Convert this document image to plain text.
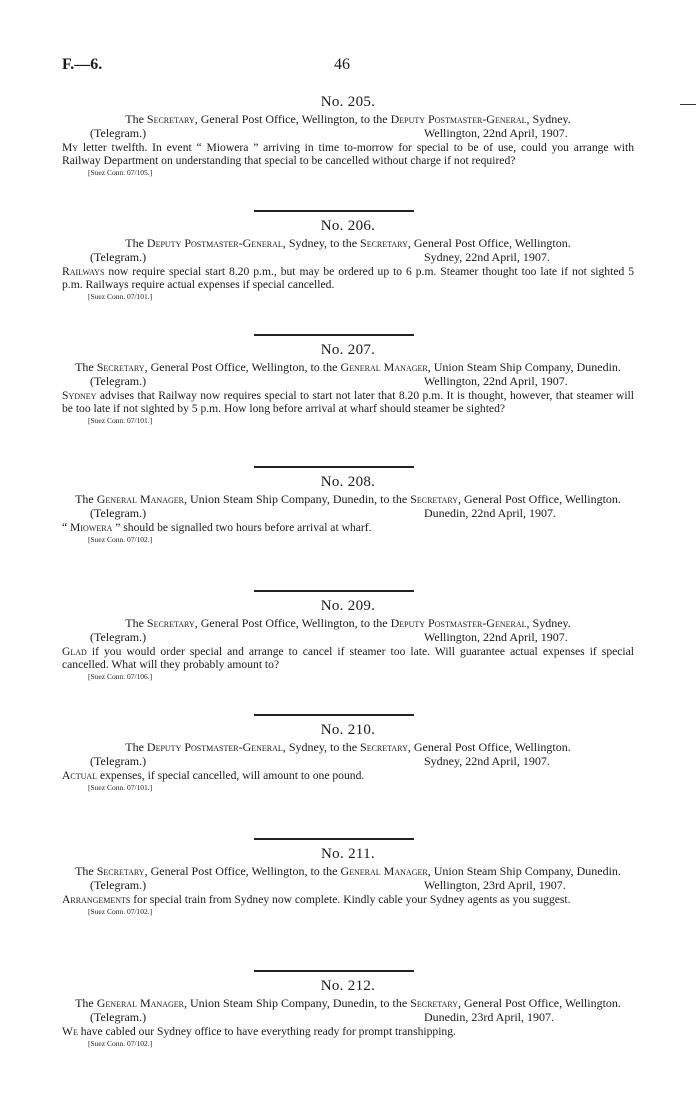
F.—6.	46
No. 205.
The Secretary, General Post Office, Wellington, to the Deputy Postmaster-General, Sydney.
(Telegram.)	Wellington, 22nd April, 1907.
My letter twelfth. In event “ Miowera ” arriving in time to-morrow for special to be of use, could you arrange with Railway Department on understanding that special to be cancelled without charge if not required?
[Suez Conn. 07/105.]
No. 206.
The Deputy Postmaster-General, Sydney, to the Secretary, General Post Office, Wellington.
(Telegram.)	Sydney, 22nd April, 1907.
Railways now require special start 8.20 p.m., but may be ordered up to 6 p.m. Steamer thought too late if not sighted 5 p.m. Railways require actual expenses if special cancelled.
[Suez Conn. 07/101.]
No. 207.
The Secretary, General Post Office, Wellington, to the General Manager, Union Steam Ship Company, Dunedin.
(Telegram.)	Wellington, 22nd April, 1907.
Sydney advises that Railway now requires special to start not later that 8.20 p.m. It is thought, however, that steamer will be too late if not sighted by 5 p.m. How long before arrival at wharf should steamer be sighted?
[Suez Conn. 07/101.]
No. 208.
The General Manager, Union Steam Ship Company, Dunedin, to the Secretary, General Post Office, Wellington.
(Telegram.)	Dunedin, 22nd April, 1907.
“ Miowera ” should be signalled two hours before arrival at wharf.
[Suez Conn. 07/102.]
No. 209.
The Secretary, General Post Office, Wellington, to the Deputy Postmaster-General, Sydney.
(Telegram.)	Wellington, 22nd April, 1907.
Glad if you would order special and arrange to cancel if steamer too late. Will guarantee actual expenses if special cancelled. What will they probably amount to?
[Suez Conn. 07/106.]
No. 210.
The Deputy Postmaster-General, Sydney, to the Secretary, General Post Office, Wellington.
(Telegram.)	Sydney, 22nd April, 1907.
Actual expenses, if special cancelled, will amount to one pound.
[Suez Conn. 07/101.]
No. 211.
The Secretary, General Post Office, Wellington, to the General Manager, Union Steam Ship Company, Dunedin.
(Telegram.)	Wellington, 23rd April, 1907.
Arrangements for special train from Sydney now complete. Kindly cable your Sydney agents as you suggest.
[Suez Conn. 07/102.]
No. 212.
The General Manager, Union Steam Ship Company, Dunedin, to the Secretary, General Post Office, Wellington.
(Telegram.)	Dunedin, 23rd April, 1907.
We have cabled our Sydney office to have everything ready for prompt transhipping.
[Suez Conn. 07/102.]
